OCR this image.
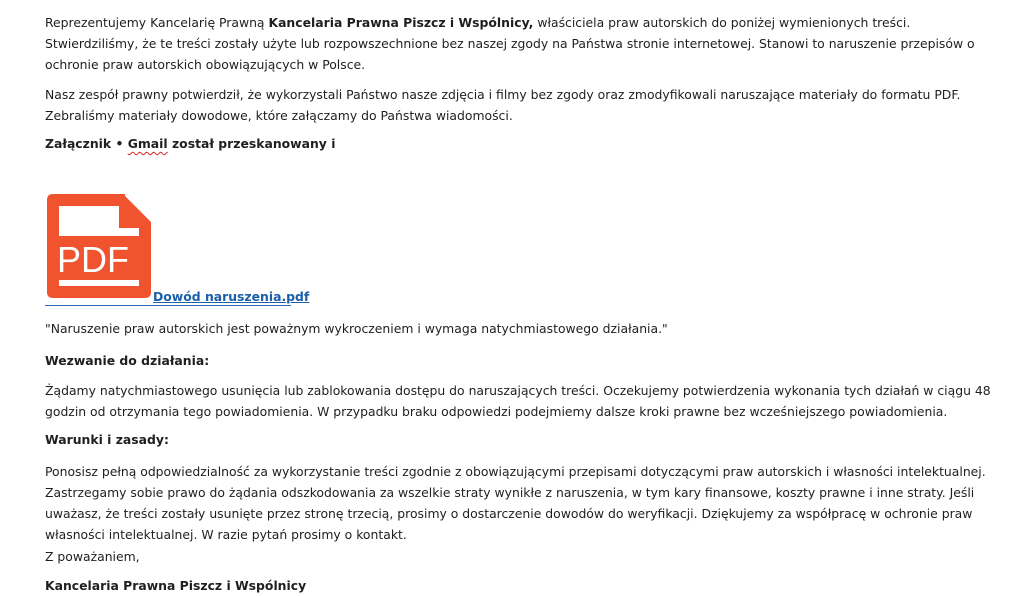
Reprezentujemy Kancelarię Prawną Kancelaria Prawna Piszcz i Wspólnicy, właściciela praw autorskich do poniżej wymienionych treści. Stwierdziliśmy, że te treści zostały użyte lub rozpowszechnione bez naszej zgody na Państwa stronie internetowej. Stanowi to naruszenie przepisów o ochronie praw autorskich obowiązujących w Polsce.

Nasz zespół prawny potwierdził, że wykorzystali Państwo nasze zdjęcia i filmy bez zgody oraz zmodyfikowali naruszające materiały do formatu PDF. Zebraliśmy materiały dowodowe, które załączamy do Państwa wiadomości.

Załącznik • Gmail został przeskanowany i

PDF
Dowód naruszenia.pdf

"Naruszenie praw autorskich jest poważnym wykroczeniem i wymaga natychmiastowego działania."

Wezwanie do działania:

Żądamy natychmiastowego usunięcia lub zablokowania dostępu do naruszających treści. Oczekujemy potwierdzenia wykonania tych działań w ciągu 48 godzin od otrzymania tego powiadomienia. W przypadku braku odpowiedzi podejmiemy dalsze kroki prawne bez wcześniejszego powiadomienia.

Warunki i zasady:

Ponosisz pełną odpowiedzialność za wykorzystanie treści zgodnie z obowiązującymi przepisami dotyczącymi praw autorskich i własności intelektualnej. Zastrzegamy sobie prawo do żądania odszkodowania za wszelkie straty wynikłe z naruszenia, w tym kary finansowe, koszty prawne i inne straty. Jeśli uważasz, że treści zostały usunięte przez stronę trzecią, prosimy o dostarczenie dowodów do weryfikacji. Dziękujemy za współpracę w ochronie praw własności intelektualnej. W razie pytań prosimy o kontakt.

Z poważaniem,

Kancelaria Prawna Piszcz i Wspólnicy
